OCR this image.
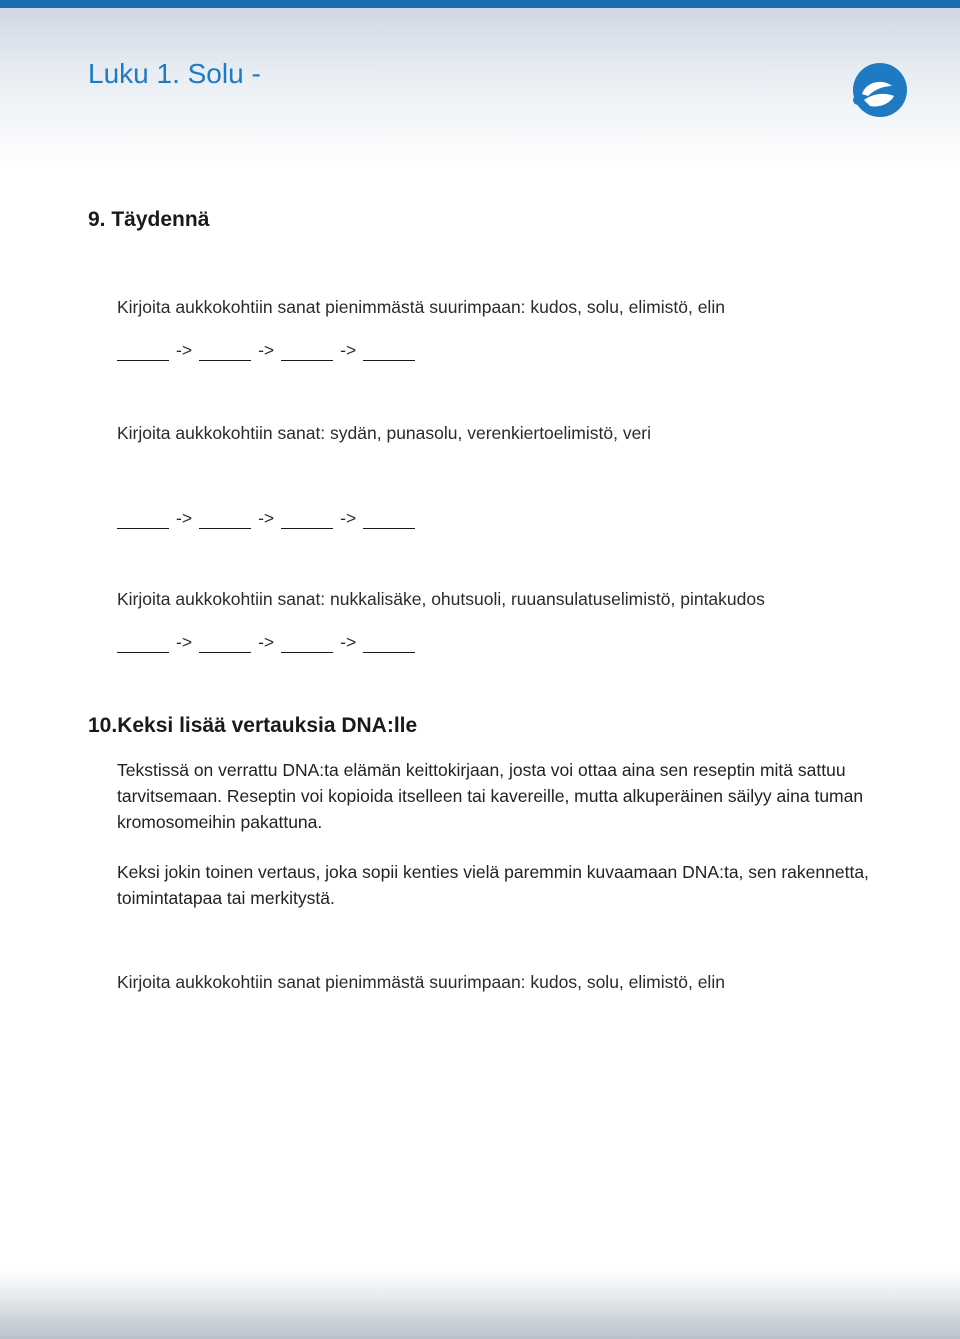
Luku 1. Solu -
9. Täydennä

Kirjoita aukkokohtiin sanat pienimmästä suurimpaan: kudos, solu, elimistö, elin

->	->	->

Kirjoita aukkokohtiin sanat: sydän, punasolu, verenkiertoelimistö, veri

->	->	->

Kirjoita aukkokohtiin sanat: nukkalisäke, ohutsuoli, ruuansulatuselimistö, pintakudos

->	->	->
10.Keksi lisää vertauksia DNA:lle

Tekstissä on verrattu DNA:ta elämän keittokirjaan, josta voi ottaa aina sen reseptin mitä sattuu tarvitsemaan. Reseptin voi kopioida itselleen tai kavereille, mutta alkuperäinen säilyy aina tuman kromosomeihin pakattuna.

Keksi jokin toinen vertaus, joka sopii kenties vielä paremmin kuvaamaan DNA:ta, sen rakennetta, toimintatapaa tai merkitystä.

Kirjoita aukkokohtiin sanat pienimmästä suurimpaan: kudos, solu, elimistö, elin
